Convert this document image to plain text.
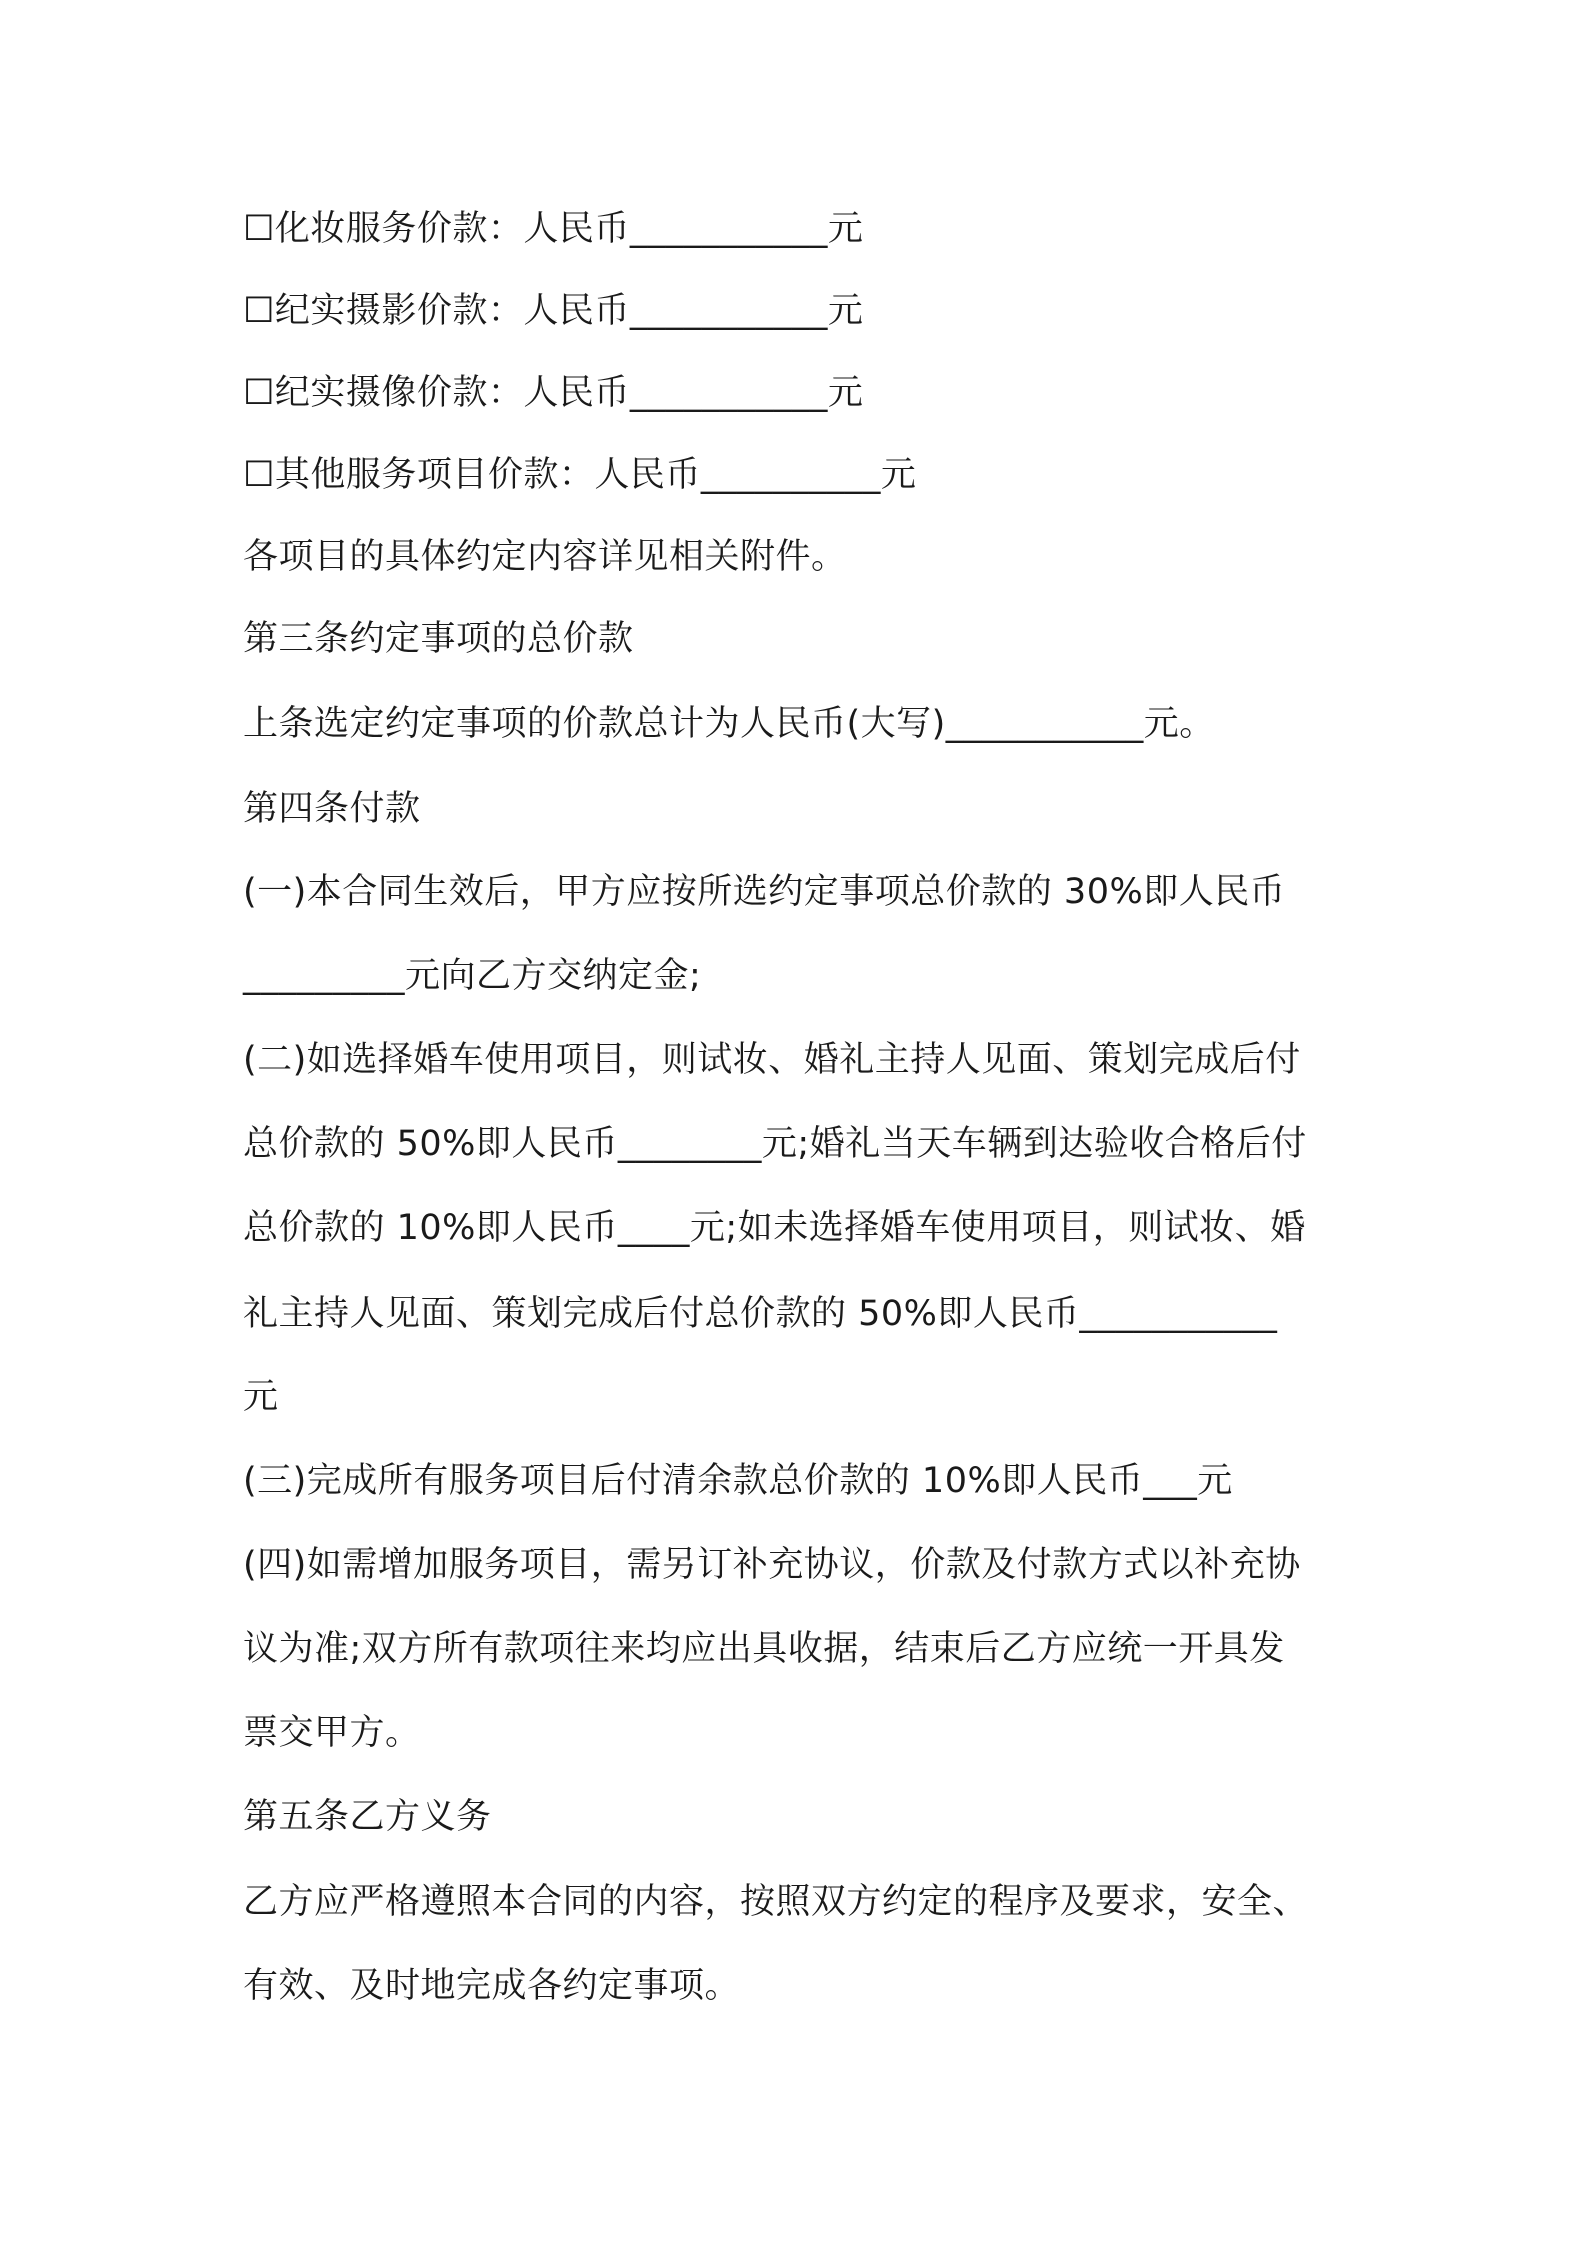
☐化妆服务价款：人民币___________元
☐纪实摄影价款：人民币___________元
☐纪实摄像价款：人民币___________元
☐其他服务项目价款：人民币__________元
各项目的具体约定内容详见相关附件。
第三条约定事项的总价款
上条选定约定事项的价款总计为人民币(大写)___________元。
第四条付款
(一)本合同生效后，甲方应按所选约定事项总价款的 30%即人民币
_________元向乙方交纳定金;
(二)如选择婚车使用项目，则试妆、婚礼主持人见面、策划完成后付
总价款的 50%即人民币________元;婚礼当天车辆到达验收合格后付
总价款的 10%即人民币____元;如未选择婚车使用项目，则试妆、婚
礼主持人见面、策划完成后付总价款的 50%即人民币___________
元
(三)完成所有服务项目后付清余款总价款的 10%即人民币___元
(四)如需增加服务项目，需另订补充协议，价款及付款方式以补充协
议为准;双方所有款项往来均应出具收据，结束后乙方应统一开具发
票交甲方。
第五条乙方义务
乙方应严格遵照本合同的内容，按照双方约定的程序及要求，安全、
有效、及时地完成各约定事项。
